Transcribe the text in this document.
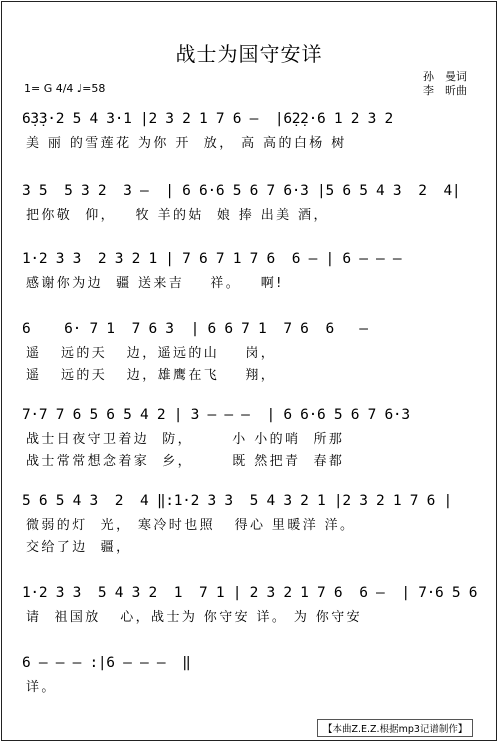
战士为国守安详
1= G 4/4 ♩=58
孙　曼词
李　昕曲
6̣3̣3·2 5 4 3·1 |2 3 2 1 7 6 –  |6̣2̣2·6 1 2 3 2
美 丽 的雪莲花 为你 开  放， 高 高的白杨 树
3 5  5 3 2  3 –  | 6 6·6 5 6 7 6·3 |5 6 5 4 3  2  4|
把你敬  仰，   牧 羊的姑  娘 捧 出美 酒，
1·2 3 3  2 3 2 1 | 7 6 7 1 7 6  6 – | 6 – – –
感谢你为边  疆 送来吉    祥。   啊!
6    6· 7 1  7 6 3  | 6 6 7 1  7 6  6   –
遥   远的天   边，遥远的山    岗，
遥   远的天   边，雄鹰在飞    翔，
7·7 7 6 5 6 5 4 2 | 3 – – –  | 6 6·6 5 6 7 6·3
战士日夜守卫着边  防，      小 小的哨  所那
战士常常想念着家  乡，      既 然把青  春都
5 6 5 4 3  2  4 ‖:1·2 3 3  5 4 3 2 1 |2 3 2 1 7 6 |
微弱的灯  光， 寒冷时也照   得心 里暖洋 洋。
交给了边  疆，
1·2 3 3  5 4 3 2  1  7 1 | 2 3 2 1 7 6  6 –  | 7·6 5 6
请  祖国放   心，战士为 你守安 详。 为 你守安
6 – – – :|6 – – –  ‖
详。
【本曲Z.E.Z.根据mp3记谱制作】
